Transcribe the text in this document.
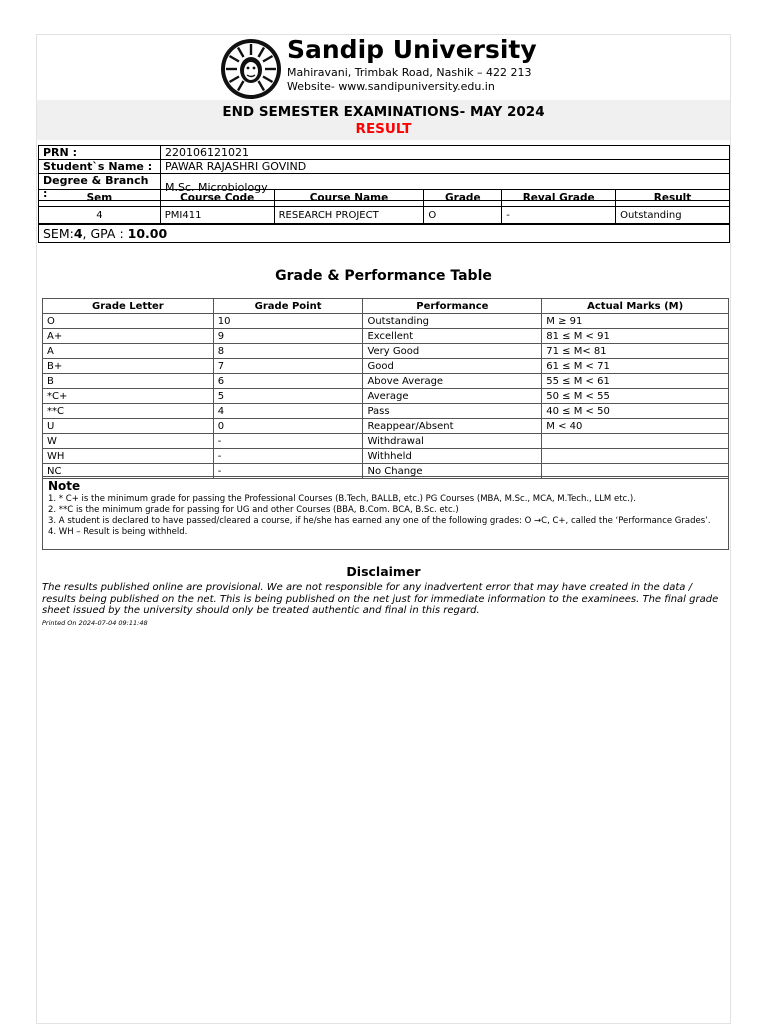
Sandip University
Mahiravani, Trimbak Road, Nashik – 422 213
Website- www.sandipuniversity.edu.in
END SEMESTER EXAMINATIONS- MAY 2024
RESULT
PRN :	220106121021
Student`s Name :	PAWAR RAJASHRI GOVIND
Degree & Branch :	M.Sc. Microbiology
Sem	Course Code	Course Name	Grade	Reval Grade	Result
4	PMI411	RESEARCH PROJECT	O	-	Outstanding
SEM:4, GPA : 10.00
Grade & Performance Table
Grade Letter	Grade Point	Performance	Actual Marks (M)
O	10	Outstanding	M ≥ 91
A+	9	Excellent	81 ≤ M < 91
A	8	Very Good	71 ≤ M< 81
B+	7	Good	61 ≤ M < 71
B	6	Above Average	55 ≤ M < 61
*C+	5	Average	50 ≤ M < 55
**C	4	Pass	40 ≤ M < 50
U	0	Reappear/Absent	M < 40
W	-	Withdrawal	
WH	-	Withheld	
NC	-	No Change	
Note
1. * C+ is the minimum grade for passing the Professional Courses (B.Tech, BALLB, etc.) PG Courses (MBA, M.Sc., MCA, M.Tech., LLM etc.).
2. **C is the minimum grade for passing for UG and other Courses (BBA, B.Com. BCA, B.Sc. etc.)
3. A student is declared to have passed/cleared a course, if he/she has earned any one of the following grades: O →C, C+, called the ‘Performance Grades’.
4. WH – Result is being withheld.
Disclaimer
The results published online are provisional. We are not responsible for any inadvertent error that may have created in the data / results being published on the net. This is being published on the net just for immediate information to the examinees. The final grade sheet issued by the university should only be treated authentic and final in this regard.
Printed On 2024-07-04 09:11:48
